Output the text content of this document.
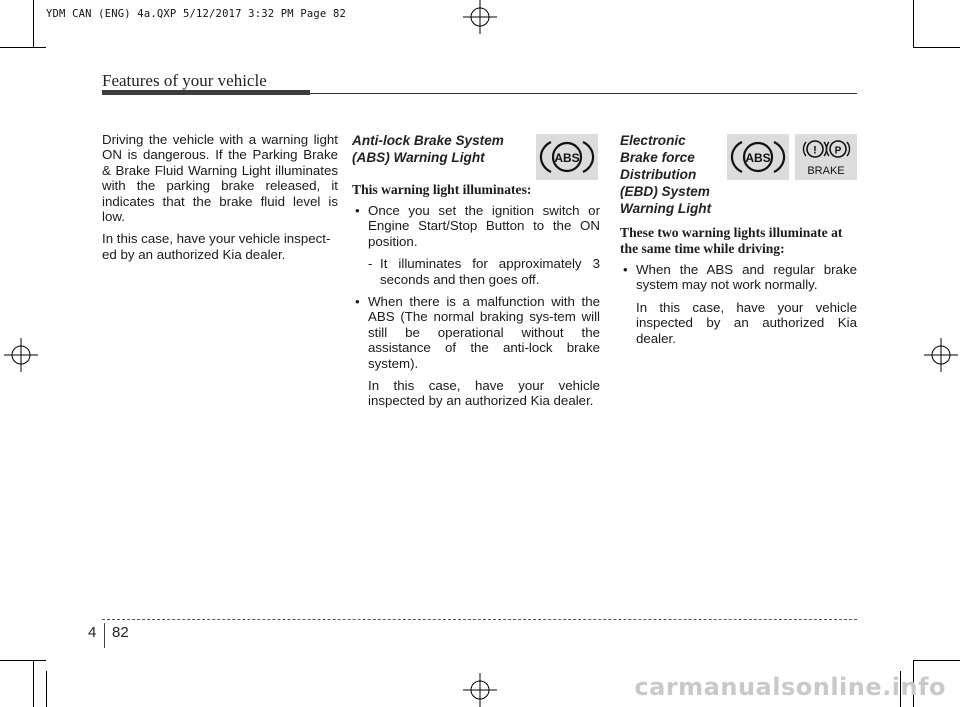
YDM CAN (ENG) 4a.QXP 5/12/2017 3:32 PM Page 82
Features of your vehicle

Driving the vehicle with a warning light ON is dangerous. If the Parking Brake & Brake Fluid Warning Light illuminates with the parking brake released, it indicates that the brake fluid level is low.

In this case, have your vehicle inspect-ed by an authorized Kia dealer.

Anti-lock Brake System (ABS) Warning Light
This warning light illuminates:

• Once you set the ignition switch or Engine Start/Stop Button to the ON position.

- It illuminates for approximately 3 seconds and then goes off.

• When there is a malfunction with the ABS (The normal braking sys-tem will still be operational without the assistance of the anti-lock brake system).

In this case, have your vehicle inspected by an authorized Kia dealer.

ABS
Electronic
Brake force
Distribution
(EBD) System
Warning Light
These two warning lights illuminate at the same time while driving:

• When the ABS and regular brake system may not work normally.

In this case, have your vehicle inspected by an authorized Kia dealer.

ABS
! P
BRAKE
4 82
carmanualsonline.info
